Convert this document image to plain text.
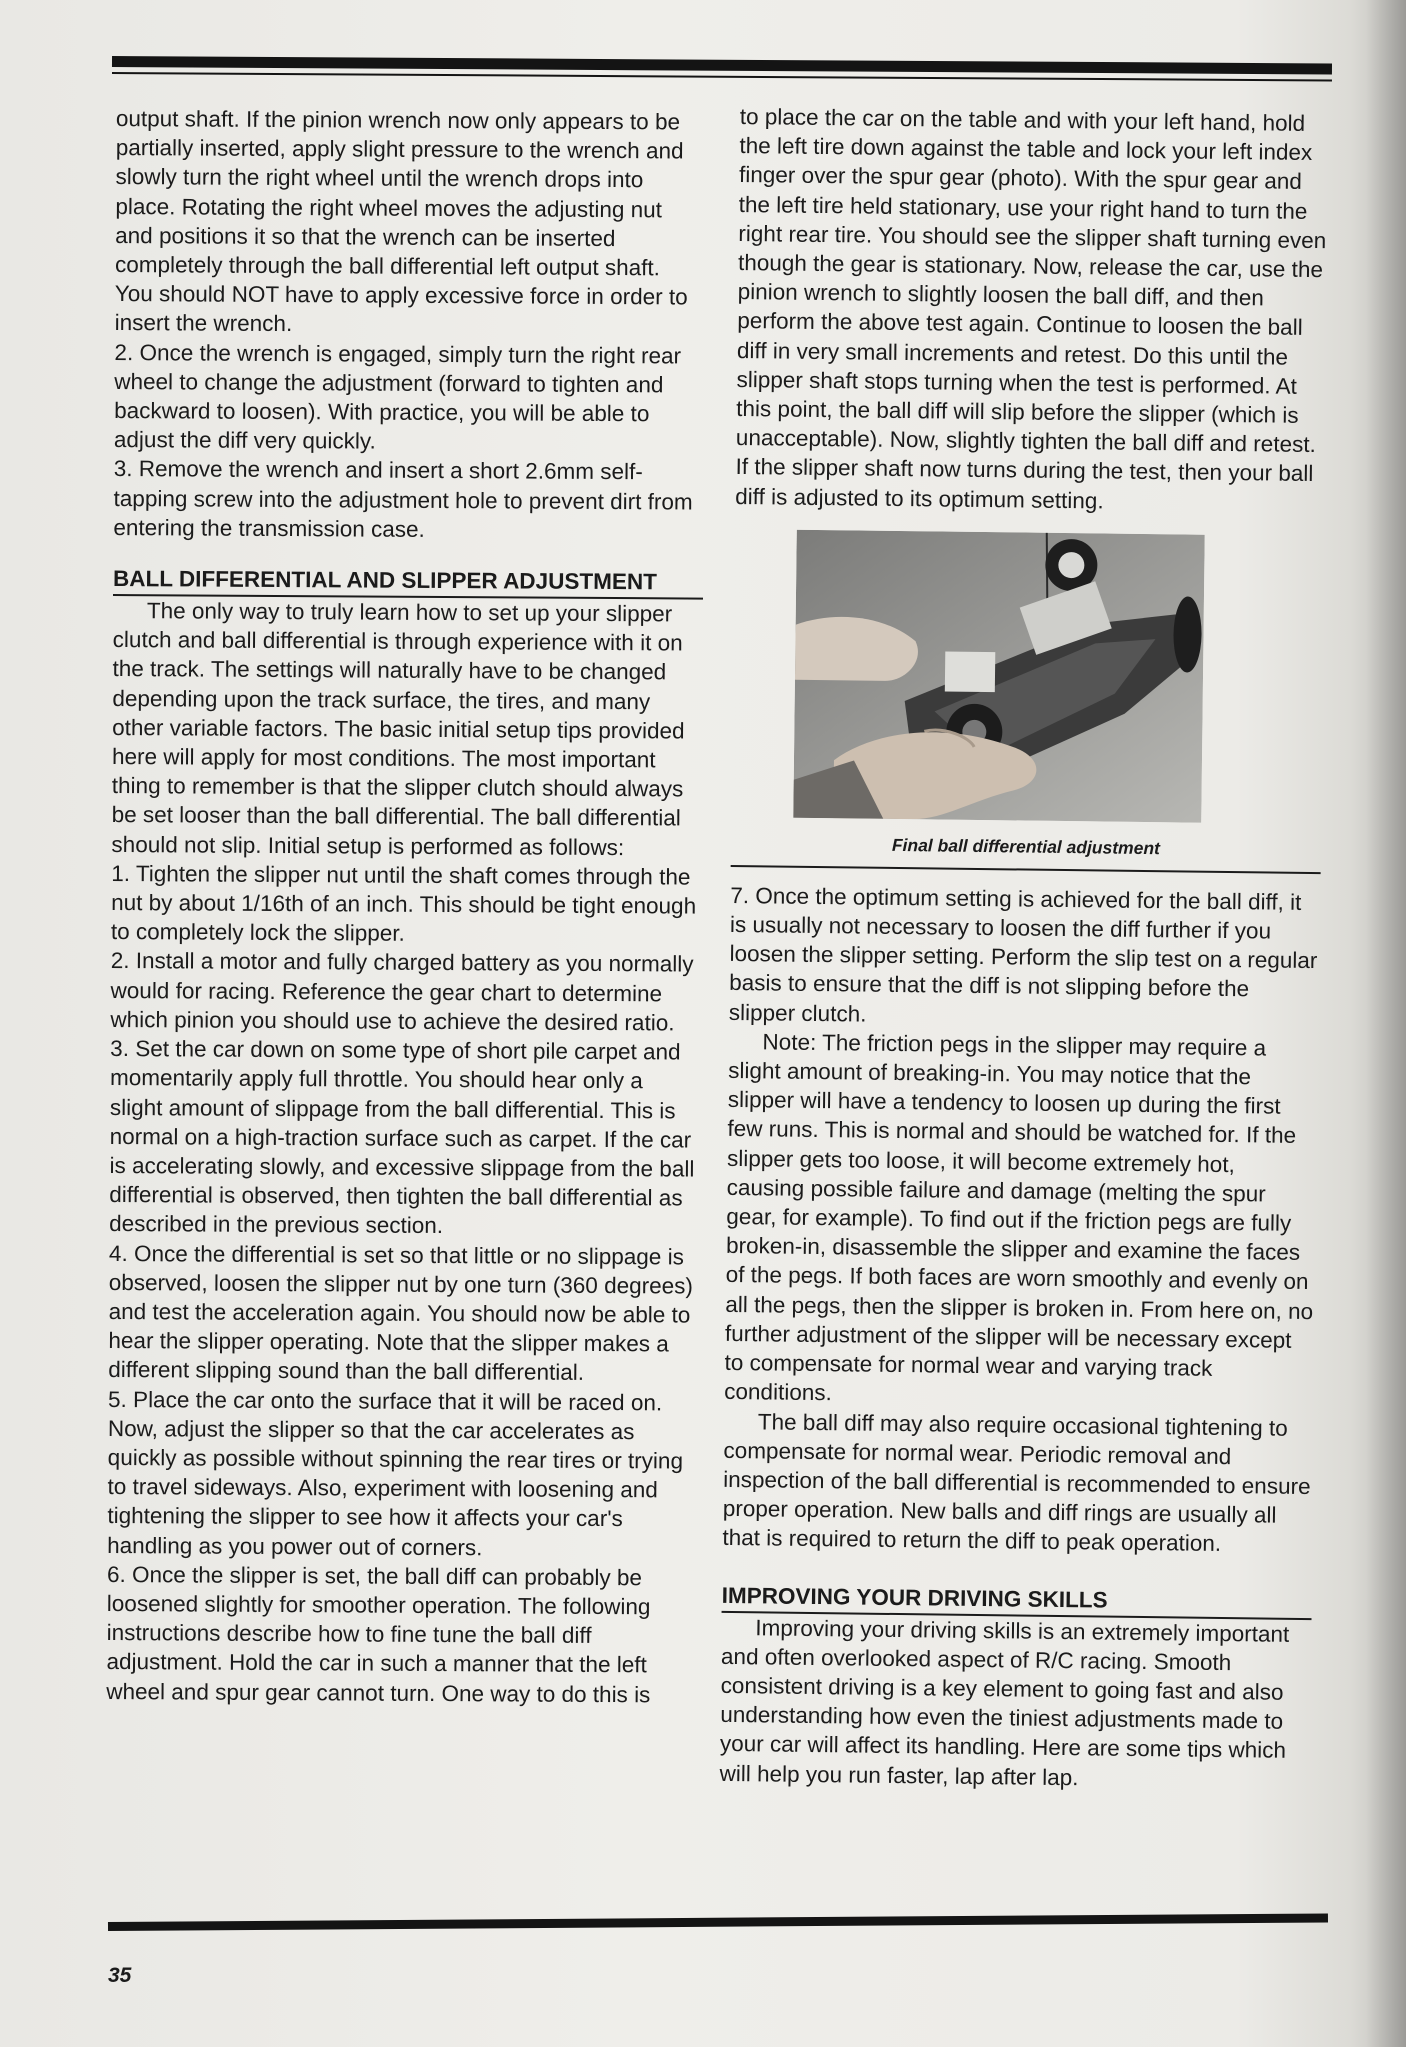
output shaft. If the pinion wrench now only appears to be partially inserted, apply slight pressure to the wrench and slowly turn the right wheel until the wrench drops into place. Rotating the right wheel moves the adjusting nut and positions it so that the wrench can be inserted completely through the ball differential left output shaft. You should NOT have to apply excessive force in order to insert the wrench.

2. Once the wrench is engaged, simply turn the right rear wheel to change the adjustment (forward to tighten and backward to loosen). With practice, you will be able to adjust the diff very quickly.

3. Remove the wrench and insert a short 2.6mm self-tapping screw into the adjustment hole to prevent dirt from entering the transmission case.

BALL DIFFERENTIAL AND SLIPPER ADJUSTMENT

The only way to truly learn how to set up your slipper clutch and ball differential is through experience with it on the track. The settings will naturally have to be changed depending upon the track surface, the tires, and many other variable factors. The basic initial setup tips provided here will apply for most conditions. The most important thing to remember is that the slipper clutch should always be set looser than the ball differential. The ball differential should not slip. Initial setup is performed as follows:

1. Tighten the slipper nut until the shaft comes through the nut by about 1/16th of an inch. This should be tight enough to completely lock the slipper.

2. Install a motor and fully charged battery as you normally would for racing. Reference the gear chart to determine which pinion you should use to achieve the desired ratio.

3. Set the car down on some type of short pile carpet and momentarily apply full throttle. You should hear only a slight amount of slippage from the ball differential. This is normal on a high-traction surface such as carpet. If the car is accelerating slowly, and excessive slippage from the ball differential is observed, then tighten the ball differential as described in the previous section.

4. Once the differential is set so that little or no slippage is observed, loosen the slipper nut by one turn (360 degrees) and test the acceleration again. You should now be able to hear the slipper operating. Note that the slipper makes a different slipping sound than the ball differential.

5. Place the car onto the surface that it will be raced on. Now, adjust the slipper so that the car accelerates as quickly as possible without spinning the rear tires or trying to travel sideways. Also, experiment with loosening and tightening the slipper to see how it affects your car's handling as you power out of corners.

6. Once the slipper is set, the ball diff can probably be loosened slightly for smoother operation. The following instructions describe how to fine tune the ball diff adjustment. Hold the car in such a manner that the left wheel and spur gear cannot turn. One way to do this is

to place the car on the table and with your left hand, hold the left tire down against the table and lock your left index finger over the spur gear (photo). With the spur gear and the left tire held stationary, use your right hand to turn the right rear tire. You should see the slipper shaft turning even though the gear is stationary. Now, release the car, use the pinion wrench to slightly loosen the ball diff, and then perform the above test again. Continue to loosen the ball diff in very small increments and retest. Do this until the slipper shaft stops turning when the test is performed. At this point, the ball diff will slip before the slipper (which is unacceptable). Now, slightly tighten the ball diff and retest. If the slipper shaft now turns during the test, then your ball diff is adjusted to its optimum setting.

Final ball differential adjustment

7. Once the optimum setting is achieved for the ball diff, it is usually not necessary to loosen the diff further if you loosen the slipper setting. Perform the slip test on a regular basis to ensure that the diff is not slipping before the slipper clutch.

Note: The friction pegs in the slipper may require a slight amount of breaking-in. You may notice that the slipper will have a tendency to loosen up during the first few runs. This is normal and should be watched for. If the slipper gets too loose, it will become extremely hot, causing possible failure and damage (melting the spur gear, for example). To find out if the friction pegs are fully broken-in, disassemble the slipper and examine the faces of the pegs. If both faces are worn smoothly and evenly on all the pegs, then the slipper is broken in. From here on, no further adjustment of the slipper will be necessary except to compensate for normal wear and varying track conditions.

The ball diff may also require occasional tightening to compensate for normal wear. Periodic removal and inspection of the ball differential is recommended to ensure proper operation. New balls and diff rings are usually all that is required to return the diff to peak operation.

IMPROVING YOUR DRIVING SKILLS

Improving your driving skills is an extremely important and often overlooked aspect of R/C racing. Smooth consistent driving is a key element to going fast and also understanding how even the tiniest adjustments made to your car will affect its handling. Here are some tips which will help you run faster, lap after lap.

35
